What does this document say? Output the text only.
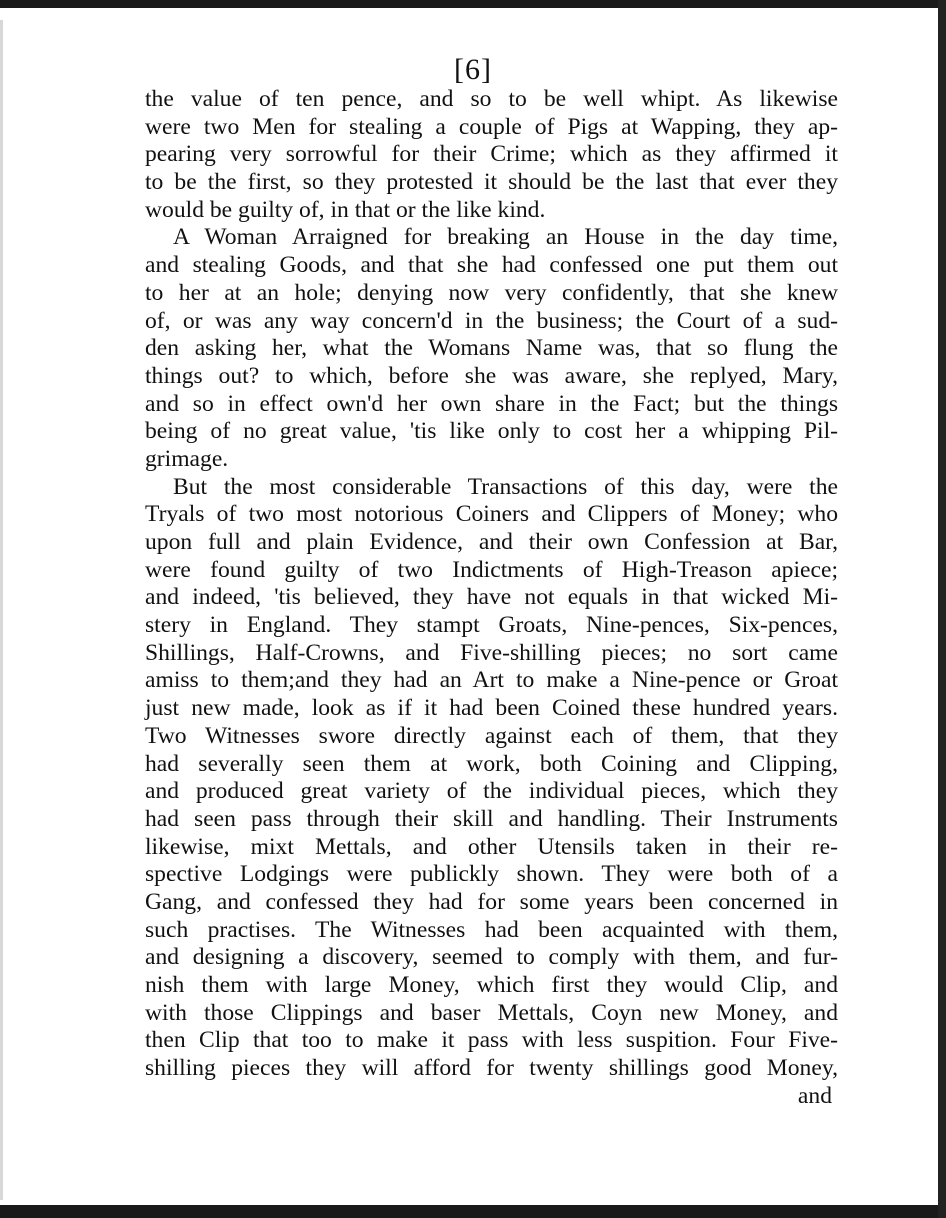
[6]
the value of ten pence, and so to be well whipt. As likewise
were two Men for stealing a couple of Pigs at Wapping, they ap-
pearing very sorrowful for their Crime; which as they affirmed it
to be the first, so they protested it should be the last that ever they
would be guilty of, in that or the like kind.
A Woman Arraigned for breaking an House in the day time,
and stealing Goods, and that she had confessed one put them out
to her at an hole; denying now very confidently, that she knew
of, or was any way concern'd in the business; the Court of a sud-
den asking her, what the Womans Name was, that so flung the
things out? to which, before she was aware, she replyed, Mary,
and so in effect own'd her own share in the Fact; but the things
being of no great value, 'tis like only to cost her a whipping Pil-
grimage.
But the most considerable Transactions of this day, were the
Tryals of two most notorious Coiners and Clippers of Money; who
upon full and plain Evidence, and their own Confession at Bar,
were found guilty of two Indictments of High-Treason apiece;
and indeed, 'tis believed, they have not equals in that wicked Mi-
stery in England. They stampt Groats, Nine-pences, Six-pences,
Shillings, Half-Crowns, and Five-shilling pieces; no sort came
amiss to them;and they had an Art to make a Nine-pence or Groat
just new made, look as if it had been Coined these hundred years.
Two Witnesses swore directly against each of them, that they
had severally seen them at work, both Coining and Clipping,
and produced great variety of the individual pieces, which they
had seen pass through their skill and handling. Their Instruments
likewise, mixt Mettals, and other Utensils taken in their re-
spective Lodgings were publickly shown. They were both of a
Gang, and confessed they had for some years been concerned in
such practises. The Witnesses had been acquainted with them,
and designing a discovery, seemed to comply with them, and fur-
nish them with large Money, which first they would Clip, and
with those Clippings and baser Mettals, Coyn new Money, and
then Clip that too to make it pass with less suspition. Four Five-
shilling pieces they will afford for twenty shillings good Money,
and
